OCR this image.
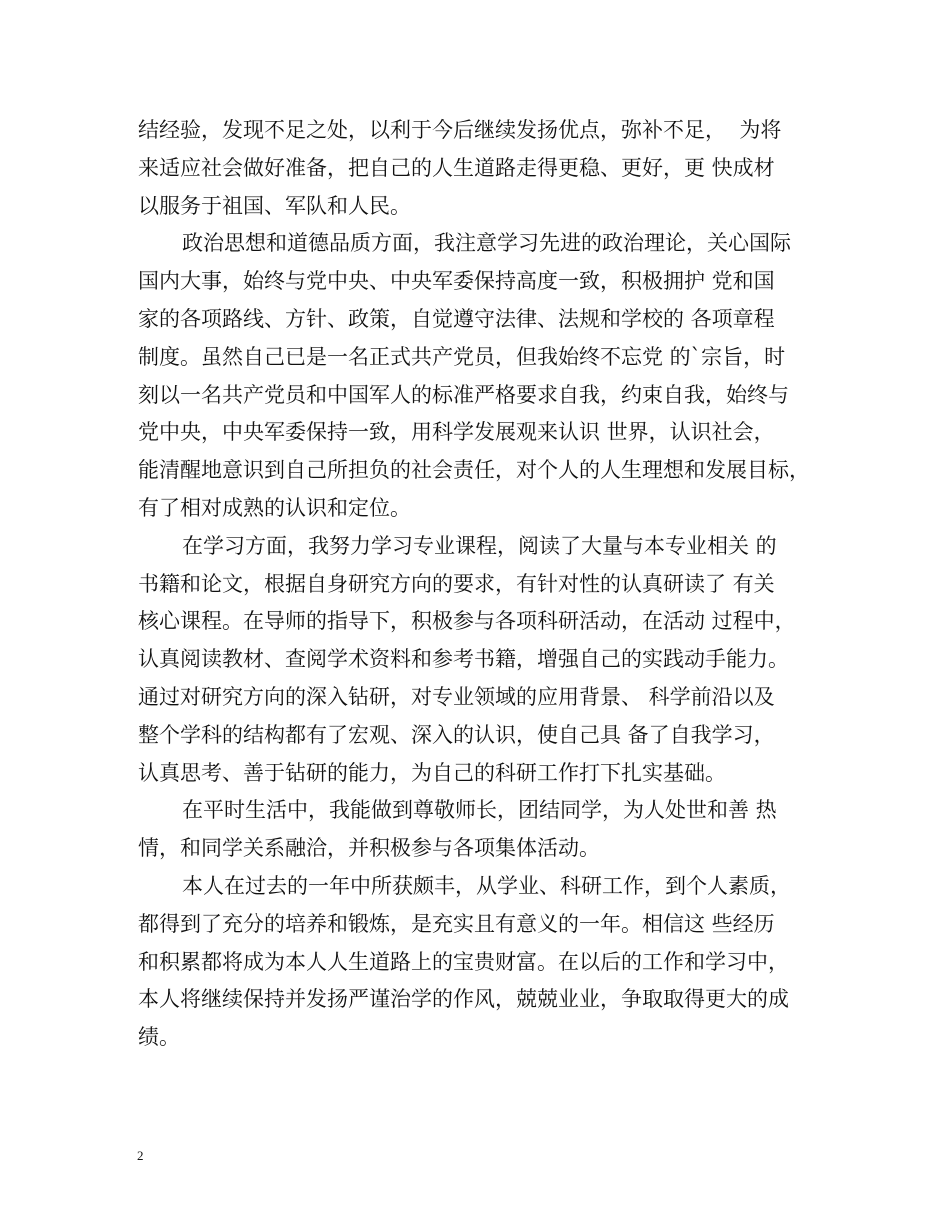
结经验，发现不足之处，以利于今后继续发扬优点，弥补不足，  为将
来适应社会做好准备，把自己的人生道路走得更稳、更好，更 快成材
以服务于祖国、军队和人民。
政治思想和道德品质方面，我注意学习先进的政治理论，关心国际
国内大事，始终与党中央、中央军委保持高度一致，积极拥护 党和国
家的各项路线、方针、政策，自觉遵守法律、法规和学校的 各项章程
制度。虽然自己已是一名正式共产党员，但我始终不忘党 的`宗旨，时
刻以一名共产党员和中国军人的标准严格要求自我，约束自我，始终与
党中央，中央军委保持一致，用科学发展观来认识 世界，认识社会，
能清醒地意识到自己所担负的社会责任，对个人的人生理想和发展目标，
有了相对成熟的认识和定位。
在学习方面，我努力学习专业课程，阅读了大量与本专业相关 的
书籍和论文，根据自身研究方向的要求，有针对性的认真研读了 有关
核心课程。在导师的指导下，积极参与各项科研活动，在活动 过程中，
认真阅读教材、查阅学术资料和参考书籍，增强自己的实践动手能力。
通过对研究方向的深入钻研，对专业领域的应用背景、 科学前沿以及
整个学科的结构都有了宏观、深入的认识，使自己具 备了自我学习，
认真思考、善于钻研的能力，为自己的科研工作打下扎实基础。
在平时生活中，我能做到尊敬师长，团结同学，为人处世和善 热
情，和同学关系融洽，并积极参与各项集体活动。
本人在过去的一年中所获颇丰，从学业、科研工作，到个人素质，
都得到了充分的培养和锻炼，是充实且有意义的一年。相信这 些经历
和积累都将成为本人人生道路上的宝贵财富。在以后的工作和学习中，
本人将继续保持并发扬严谨治学的作风，兢兢业业，争取取得更大的成
绩。
2
